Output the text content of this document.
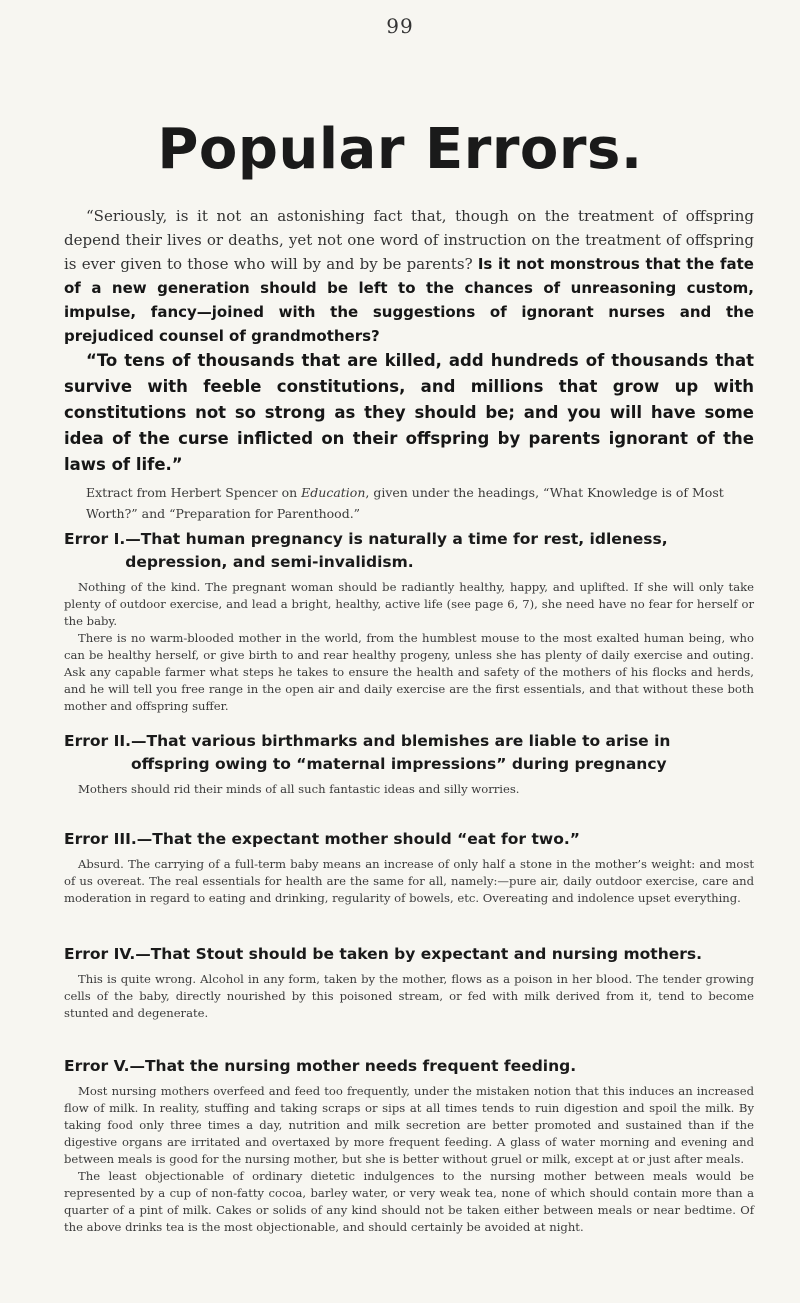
99
Popular Errors.

“Seriously, is it not an astonishing fact that, though on the treatment of offspring depend their lives or deaths, yet not one word of instruction on the treatment of offspring is ever given to those who will by and by be parents? Is it not monstrous that the fate of a new generation should be left to the chances of unreasoning custom, impulse, fancy—joined with the suggestions of ignorant nurses and the prejudiced counsel of grandmothers?

“To tens of thousands that are killed, add hundreds of thousands that survive with feeble constitutions, and millions that grow up with constitutions not so strong as they should be; and you will have some idea of the curse inflicted on their offspring by parents ignorant of the laws of life.”

Extract from Herbert Spencer on Education, given under the headings, “What Knowledge is of Most Worth?” and “Preparation for Parenthood.”

Error I. —That human pregnancy is naturally a time for rest, idleness, depression, and semi-invalidism.

Nothing of the kind. The pregnant woman should be radiantly healthy, happy, and uplifted. If she will only take plenty of outdoor exercise, and lead a bright, healthy, active life (see page 6, 7), she need have no fear for herself or the baby.

There is no warm-blooded mother in the world, from the humblest mouse to the most exalted human being, who can be healthy herself, or give birth to and rear healthy progeny, unless she has plenty of daily exercise and outing. Ask any capable farmer what steps he takes to ensure the health and safety of the mothers of his flocks and herds, and he will tell you free range in the open air and daily exercise are the first essentials, and that without these both mother and offspring suffer.

Error II. —That various birthmarks and blemishes are liable to arise in offspring owing to “maternal impressions” during pregnancy

Mothers should rid their minds of all such fantastic ideas and silly worries.

Error III. —That the expectant mother should “eat for two.”

Absurd. The carrying of a full-term baby means an increase of only half a stone in the mother’s weight: and most of us overeat. The real essentials for health are the same for all, namely:—pure air, daily outdoor exercise, care and moderation in regard to eating and drinking, regularity of bowels, etc. Overeating and indolence upset everything.

Error IV. —That Stout should be taken by expectant and nursing mothers.

This is quite wrong. Alcohol in any form, taken by the mother, flows as a poison in her blood. The tender growing cells of the baby, directly nourished by this poisoned stream, or fed with milk derived from it, tend to become stunted and degenerate.

Error V. —That the nursing mother needs frequent feeding.

Most nursing mothers overfeed and feed too frequently, under the mistaken notion that this induces an increased flow of milk. In reality, stuffing and taking scraps or sips at all times tends to ruin digestion and spoil the milk. By taking food only three times a day, nutrition and milk secretion are better promoted and sustained than if the digestive organs are irritated and overtaxed by more frequent feeding. A glass of water morning and evening and between meals is good for the nursing mother, but she is better without gruel or milk, except at or just after meals.

The least objectionable of ordinary dietetic indulgences to the nursing mother between meals would be represented by a cup of non-fatty cocoa, barley water, or very weak tea, none of which should contain more than a quarter of a pint of milk. Cakes or solids of any kind should not be taken either between meals or near bedtime. Of the above drinks tea is the most objectionable, and should certainly be avoided at night.
